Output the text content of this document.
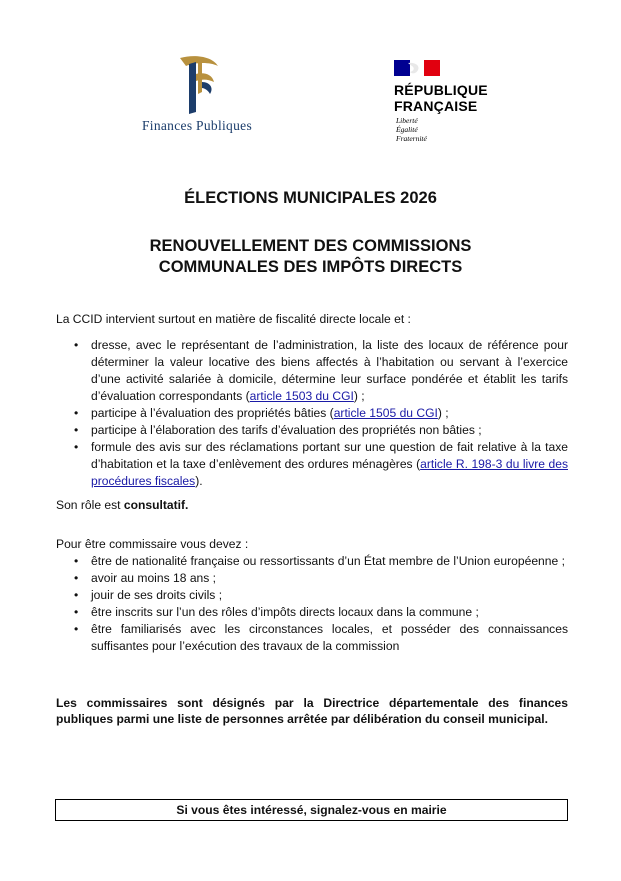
Finances Publiques
RÉPUBLIQUE
FRANÇAISE
Liberté
Égalité
Fraternité
ÉLECTIONS MUNICIPALES 2026
RENOUVELLEMENT DES COMMISSIONS
COMMUNALES DES IMPÔTS DIRECTS

La CCID intervient surtout en matière de fiscalité directe locale et :

• dresse, avec le représentant de l’administration, la liste des locaux de référence pour déterminer la valeur locative des biens affectés à l’habitation ou servant à l’exercice d’une activité salariée à domicile, détermine leur surface pondérée et établit les tarifs d’évaluation correspondants (article 1503 du CGI) ;
• participe à l’évaluation des propriétés bâties (article 1505 du CGI) ;
• participe à l’élaboration des tarifs d’évaluation des propriétés non bâties ;
• formule des avis sur des réclamations portant sur une question de fait relative à la taxe d’habitation et la taxe d’enlèvement des ordures ménagères (article R. 198-3 du livre des procédures fiscales).

Son rôle est consultatif.

Pour être commissaire vous devez :

• être de nationalité française ou ressortissants d’un État membre de l’Union européenne ;
• avoir au moins 18 ans ;
• jouir de ses droits civils ;
• être inscrits sur l’un des rôles d’impôts directs locaux dans la commune ;
• être familiarisés avec les circonstances locales, et posséder des connaissances suffisantes pour l’exécution des travaux de la commission

Les commissaires sont désignés par la Directrice départementale des finances publiques parmi une liste de personnes arrêtée par délibération du conseil municipal.

Si vous êtes intéressé, signalez-vous en mairie
